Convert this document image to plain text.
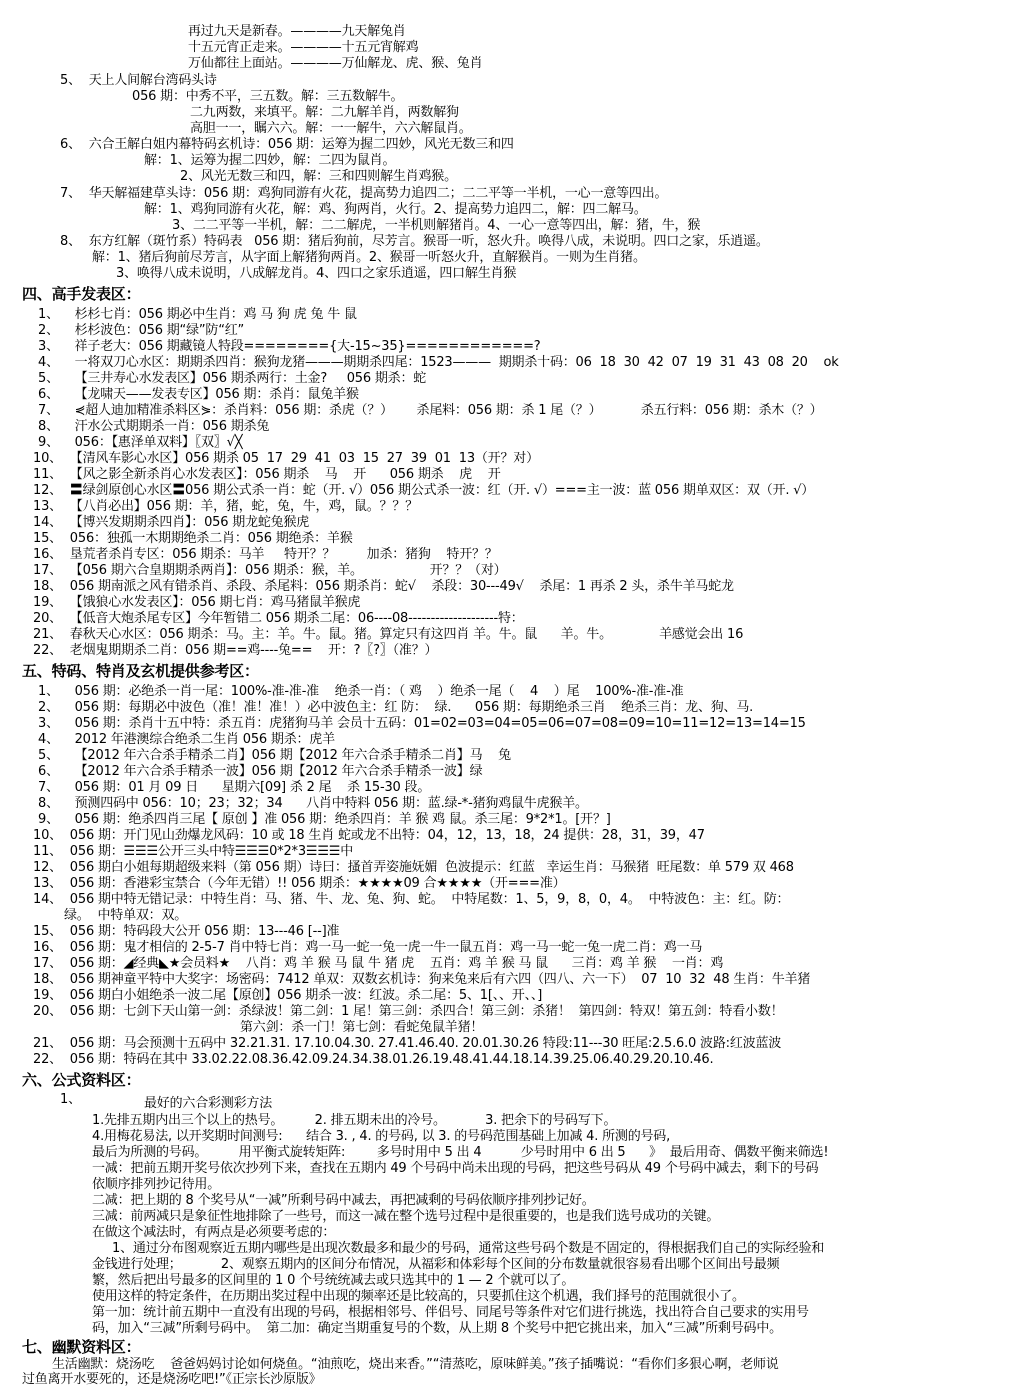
再过九天是新春。————九天解兔肖
十五元宵正走来。————十五元宵解鸡
万仙都往上面站。————万仙解龙、虎、猴、兔肖
5、  天上人间解台湾码头诗
056 期：中秀不平，三五数。解：三五数解牛。
二九两数，来填平。解：二九解羊肖，两数解狗
高胆一一，瞩六六。解：一一解牛，六六解鼠肖。
6、  六合王解白姐内幕特码玄机诗：056 期：运筹为握二四妙，风光无数三和四
解：1、运筹为握二四妙，解：二四为鼠肖。
2、风光无数三和四，解：三和四则解生肖鸡猴。
7、  华天解福建草头诗：056 期：鸡狗同游有火花，提高势力追四二；二二平等一半机，一心一意等四出。
解：1、鸡狗同游有火花，解：鸡、狗两肖，火行。2、提高势力追四二，解：四二解马。
3、二二平等一半机，解：二二解虎，一半机则解猪肖。4、一心一意等四出，解：猪，牛，猴
8、  东方红解（斑竹系）特码表   056 期：猪后狗前，尽芳言。猴哥一听，怒火升。唤得八成，未说明。四口之家，乐逍遥。
解：1、猪后狗前尽芳言，从字面上解猪狗两肖。2、猴哥一听怒火升，直解猴肖。一则为生肖猪。
3、唤得八成未说明，八成解龙肖。4、四口之家乐逍遥，四口解生肖猴
四、高手发表区：
1、    杉杉七肖：056 期必中生肖：鸡 马 狗 虎 兔 牛 鼠
2、    杉杉波色：056 期“绿”防“红”
3、    祥子老大：056 期藏镜人特段========{大-15~35}============?
4、    一将双刀心水区：期期杀四肖：猴狗龙猪———期期杀四尾：1523———  期期杀十码：06  18  30  42  07  19  31  43  08  20    ok
5、    【三井寿心水发表区】056 期杀两行：土金?     056 期杀：蛇
6、    【龙啸天——发表专区】056 期：杀肖：鼠兔羊猴
7、    ⋞超人迪加精准杀料区⋟：杀肖料：056 期：杀虎（？）      杀尾料：056 期：杀 1 尾（？）          杀五行料：056 期：杀木（？）
8、    汗水公式期期杀一肖：056 期杀兔
9、    056：【惠泽单双料】〖双〗√╳
10、  【清风车影心水区】056 期杀 05  17  29  41  03  15  27  39  01  13（开？对）
11、  【风之影全新杀肖心水发表区】：056 期杀    马    开      056 期杀    虎    开
12、  〓绿剑原创心水区〓056 期公式杀一肖：蛇（开. √）056 期公式杀一波：红（开. √）===主一波：蓝 056 期单双区：双（开. √）
13、  【八肖必出】056 期：羊，猪，蛇，兔，牛，鸡，鼠。？？？
14、  【博兴发期期杀四肖】：056 期龙蛇兔猴虎
15、  056：独孤一木期期绝杀二肖：056 期绝杀：羊猴
16、  垦荒者杀肖专区：056 期杀：马羊     特开？？        加杀：猪狗    特开？？
17、  【056 期六合皇期期杀两肖】：056 期杀：猴，羊。                 开？？（对）
18、  056 期南派之风有错杀肖、杀段、杀尾料：056 期杀肖：蛇√    杀段：30---49√    杀尾：1 再杀 2 头，杀牛羊马蛇龙
19、  【饿狼心水发表区】：056 期七肖：鸡马猪鼠羊猴虎
20、  【低音大炮杀尾专区】今年暂错二 056 期杀二尾：06----08--------------------特：
21、  春秋天心水区：056 期杀：马。主：羊。牛。鼠。猪。算定只有这四肖 羊。牛。鼠      羊。牛。            羊感觉会出 16
22、  老烟鬼期期杀二肖：056 期==鸡----兔==    开：?〖?〗（准？）
五、特码、特肖及玄机提供参考区：
1、    056 期：必绝杀一肖一尾：100%-准-准-准    绝杀一肖：（ 鸡    ）绝杀一尾（    4    ）尾    100%-准-准-准
2、    056 期：每期必中波色（准！准！准！）必中波色主：红 防：  绿.      056 期：每期绝杀三肖    绝杀三肖：龙、狗、马.
3、    056 期：杀肖十五中特：杀五肖：虎猪狗马羊 会员十五码：01=02=03=04=05=06=07=08=09=10=11=12=13=14=15
4、    2012 年港澳综合绝杀二生肖 056 期杀：虎羊
5、    【2012 年六合杀手精杀二肖】056 期【2012 年六合杀手精杀二肖】马    兔
6、    【2012 年六合杀手精杀一波】056 期【2012 年六合杀手精杀一波】绿
7、    056 期：01 月 09 日      星期六[09] 杀 2 尾    杀 15-30 段。
8、    预测四码中 056：10；23；32；34      八肖中特料 056 期：蓝.绿-*-猪狗鸡鼠牛虎猴羊。
9、    056 期：绝杀四肖三尾【 原创 】准 056 期：绝杀四肖：羊 猴 鸡 鼠。杀三尾：9*2*1。[开？]
10、  056 期：开门见山劲爆龙风码：10 或 18 生肖 蛇或龙不出特：04，12，13，18，24 提供：28，31，39，47
11、  056 期：☰☰☰公开三头中特☰☰☰0*2*3☰☰☰中
12、  056 期白小姐每期超级来料（第 056 期）诗曰：搔首弄姿施妩媚  色波提示：红蓝   幸运生肖：马猴猪  旺尾数：单 579 双 468
13、  056 期：香港彩宝禁合（今年无错）!! 056 期杀：★★★★09 合★★★★（开===准）
14、  056 期中特无错记录：中特生肖：马、猪、牛、龙、兔、狗、蛇。  中特尾数：1、5，9，8，0，4。  中特波色：主：红。防：
绿。  中特单双：双。
15、  056 期：特码段大公开 056 期：13---46 [--]准
16、  056 期：鬼才相信的 2-5-7 肖中特七肖：鸡一马一蛇一兔一虎一牛一鼠五肖：鸡一马一蛇一兔一虎二肖：鸡一马
17、  056 期：◢经典◣★会员料★    八肖：鸡 羊 猴 马 鼠 牛 猪 虎    五肖：鸡 羊 猴 马 鼠      三肖：鸡 羊 猴    一肖：鸡
18、  056 期神童平特中大奖字：场密码：7412 单双：双数玄机诗：狗来兔来后有六四（四八、六一下）  07  10  32  48 生肖：牛羊猪
19、  056 期白小姐绝杀一波二尾【原创】056 期杀一波：红波。杀二尾：5、1[、、开、、]
20、  056 期：七剑下天山第一剑：杀绿波！第二剑：1 尾！第三剑：杀四合！第三剑：杀猪！  第四剑：特双！第五剑：特看小数！
第六剑：杀一门！第七剑：看蛇兔鼠羊猪！
21、  056 期：马会预测十五码中 32.21.31. 17.10.04.30. 27.41.46.40. 20.01.30.26 特段:11---30 旺尾:2.5.6.0 波路:红波蓝波
22、  056 期：特码在其中 33.02.22.08.36.42.09.24.34.38.01.26.19.48.41.44.18.14.39.25.06.40.29.20.10.46.
六、公式资料区：
1、	最好的六合彩测彩方法
1.先排五期内出三个以上的热号。        2. 排五期未出的冷号。          3. 把余下的号码写下。
4.用梅花易法, 以开奖期时间测号:      结合 3. , 4. 的号码, 以 3. 的号码范围基础上加减 4. 所测的号码,
最后为所测的号码。        用平衡式旋转矩阵:        多号时用中 5 出 4          少号时用中 6 出 5      》  最后用奇、偶数平衡来筛选!
一减：把前五期开奖号依次抄列下来，查找在五期内 49 个号码中尚未出现的号码，把这些号码从 49 个号码中减去，剩下的号码
依顺序排列抄记待用。
二减：把上期的 8 个奖号从“一减”所剩号码中减去，再把减剩的号码依顺序排列抄记好。
三减：前两减只是象征性地排除了一些号，而这一减在整个选号过程中是很重要的，也是我们选号成功的关键。
在做这个减法时，有两点是必须要考虑的：
1、通过分布图观察近五期内哪些是出现次数最多和最少的号码，通常这些号码个数是不固定的，得根据我们自己的实际经验和
金钱进行处理；          2、观察五期内的区间分布情况，从福彩和体彩每个区间的分布数量就很容易看出哪个区间出号最频
繁，然后把出号最多的区间里的 1 0 个号统统减去或只选其中的 1 — 2 个就可以了。
使用这样的特定条件，在历期出奖过程中出现的频率还是比较高的，只要抓住这个机遇，我们择号的范围就很小了。
第一加：统计前五期中一直没有出现的号码，根据相邻号、伴侣号、同尾号等条件对它们进行挑选，找出符合自己要求的实用号
码，加入“三减”所剩号码中。  第二加：确定当期重复号的个数，从上期 8 个奖号中把它挑出来，加入“三减”所剩号码中。
七、幽默资料区：
生活幽默：烧汤吃    爸爸妈妈讨论如何烧鱼。“油煎吃，烧出来香。”“清蒸吃，原味鲜美。”孩子插嘴说：“看你们多狠心啊，老师说
过鱼离开水要死的，还是烧汤吃吧!”《正宗长沙原版》
